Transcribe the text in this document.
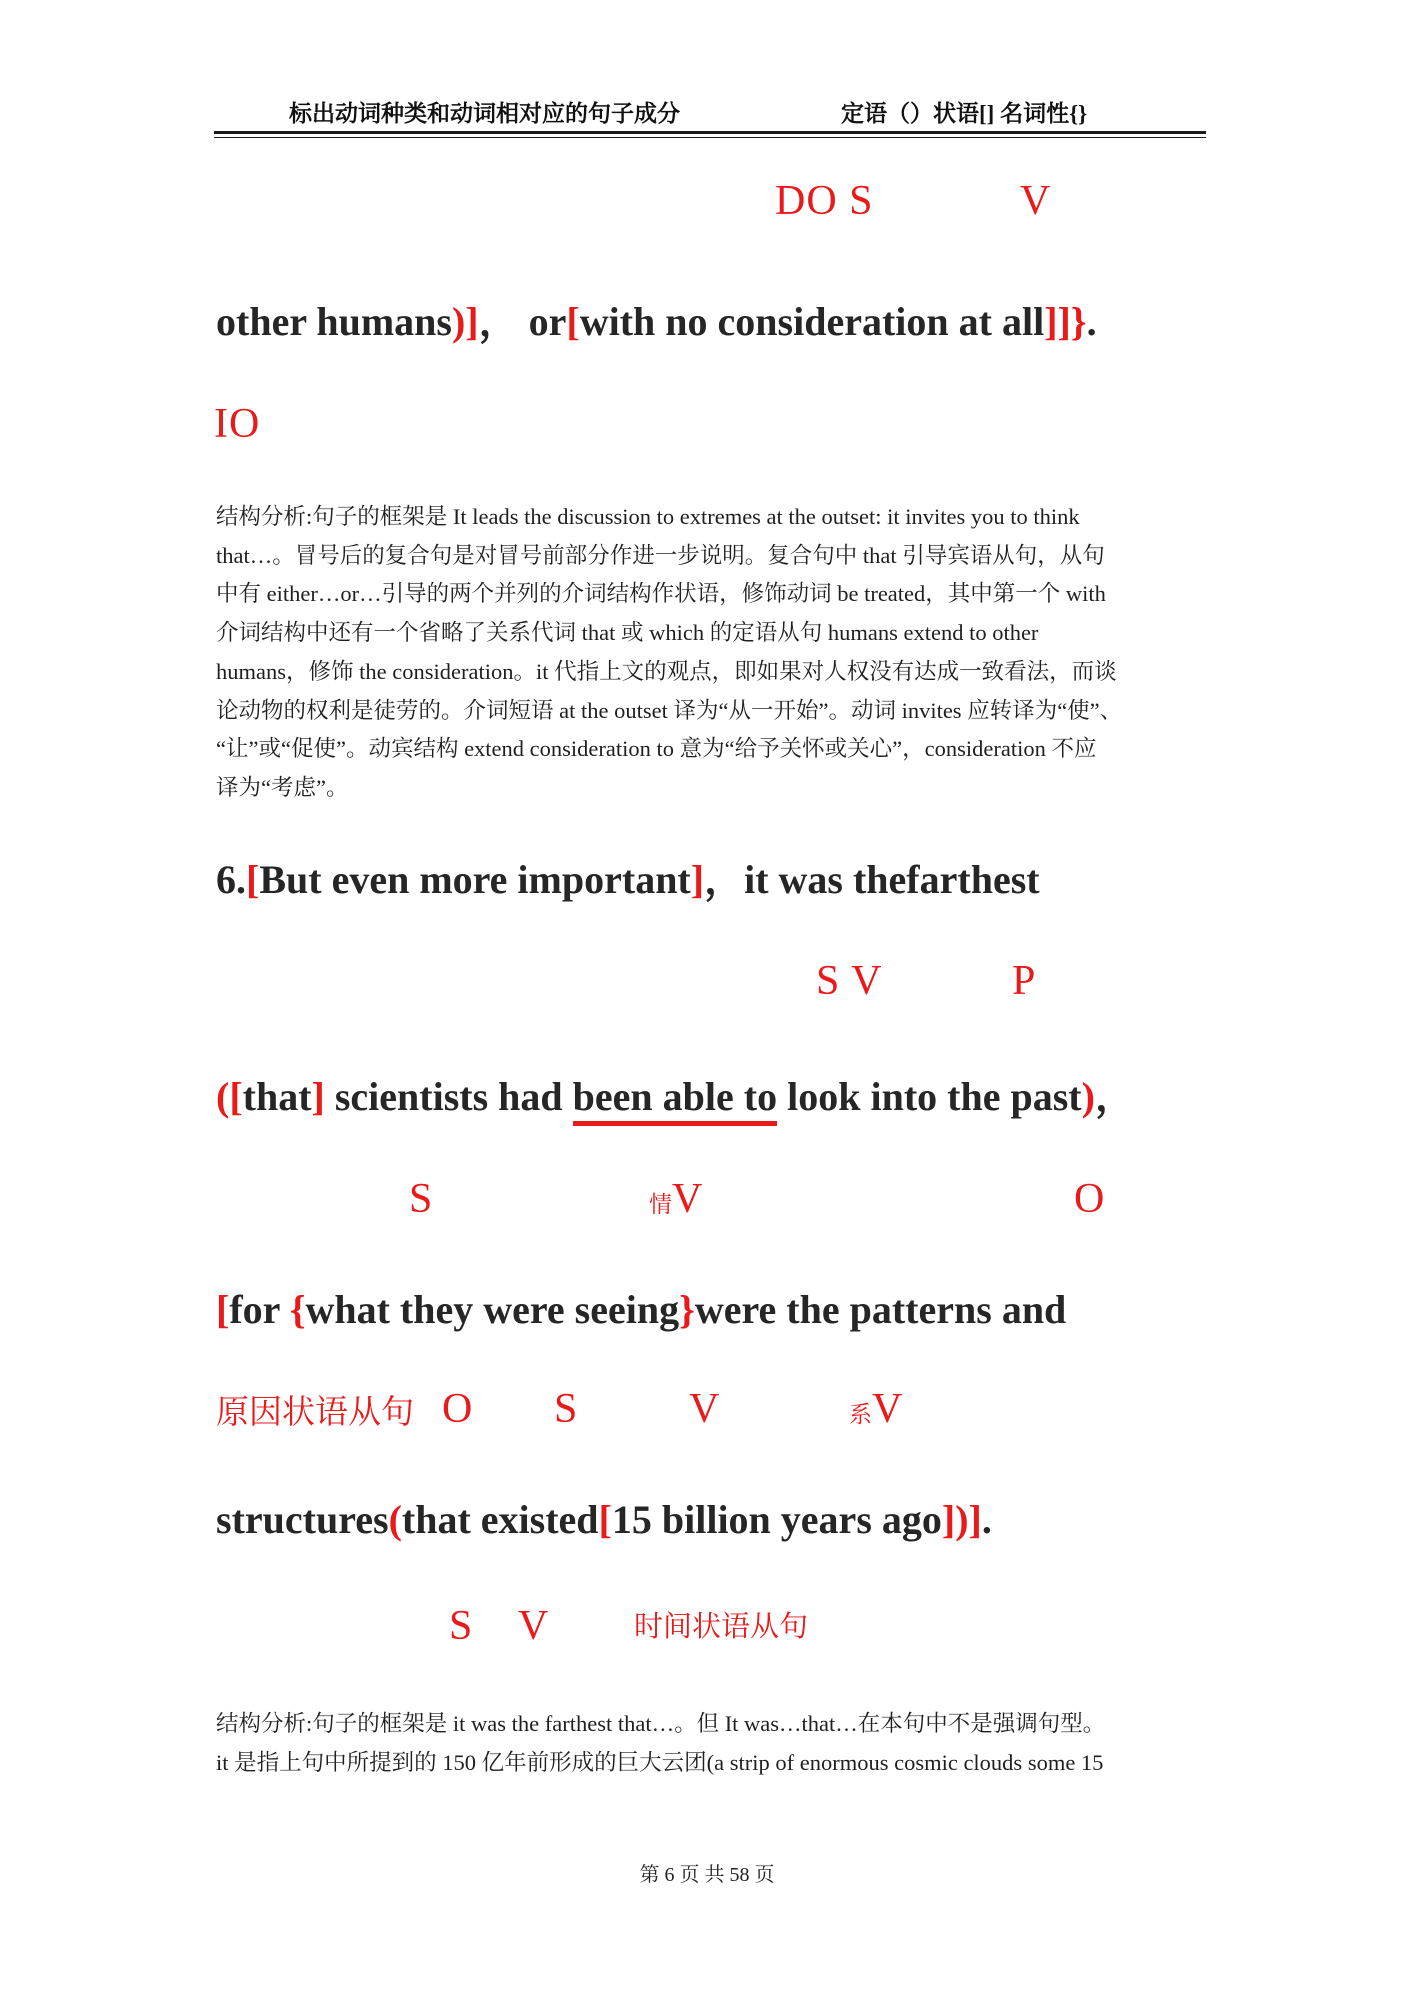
标出动词种类和动词相对应的句子成分	定语（）状语[] 名词性{}
DO S	V
other humans)]， or[with no consideration at all]]}.
IO
结构分析:句子的框架是 It leads the discussion to extremes at the outset: it invites you to think
that…。冒号后的复合句是对冒号前部分作进一步说明。复合句中 that 引导宾语从句，从句
中有 either…or…引导的两个并列的介词结构作状语，修饰动词 be treated，其中第一个 with
介词结构中还有一个省略了关系代词 that 或 which 的定语从句 humans extend to other
humans，修饰 the consideration。it 代指上文的观点，即如果对人权没有达成一致看法，而谈
论动物的权利是徒劳的。介词短语 at the outset 译为“从一开始”。动词 invites 应转译为“使”、
“让”或“促使”。动宾结构 extend consideration to 意为“给予关怀或关心”，consideration 不应
译为“考虑”。
6.[But even more important]，it was thefarthest
S V	P
([that] scientists had been able to look into the past)，
S	情V	O
[for {what they were seeing}were the patterns and
原因状语从句 O S	V	系V
structures(that existed[15 billion years ago])].
S V	时间状语从句
结构分析:句子的框架是 it was the farthest that…。但 It was…that…在本句中不是强调句型。
it 是指上句中所提到的 150 亿年前形成的巨大云团(a strip of enormous cosmic clouds some 15
第 6 页 共 58 页
